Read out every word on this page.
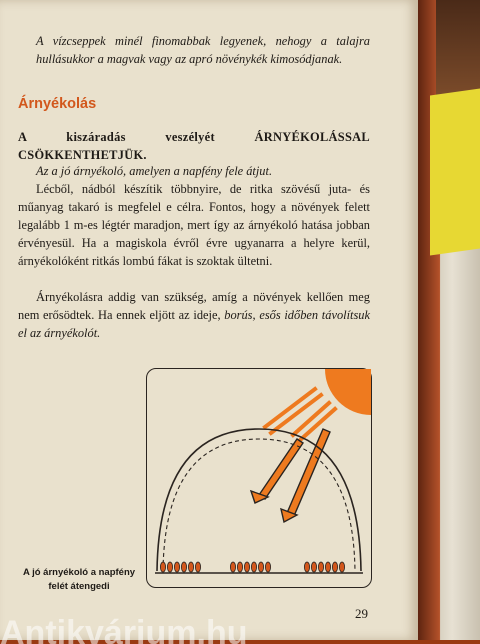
A vízcseppek minél finomabbak legyenek, nehogy a talajra hullásukkor a magvak vagy az apró növénykék kimosódjanak.
Árnyékolás
A kiszáradás veszélyét ÁRNYÉKOLÁSSAL CSÖKKENTHETJÜK.
Az a jó árnyékoló, amelyen a napfény fele átjut.
Lécből, nádból készítik többnyire, de ritka szövésű juta- és műanyag takaró is megfelel e célra. Fontos, hogy a növények felett legalább 1 m-es légtér maradjon, mert így az árnyékoló hatása jobban érvényesül. Ha a magiskola évről évre ugyanarra a helyre kerül, árnyékolóként ritkás lombú fákat is szoktak ültetni.
Árnyékolásra addig van szükség, amíg a növények kellően meg nem erősödtek. Ha ennek eljött az ideje, borús, esős időben távolítsuk el az árnyékolót.
A jó árnyékoló a napfény felét átengedi
29
Antikvárium.hu
